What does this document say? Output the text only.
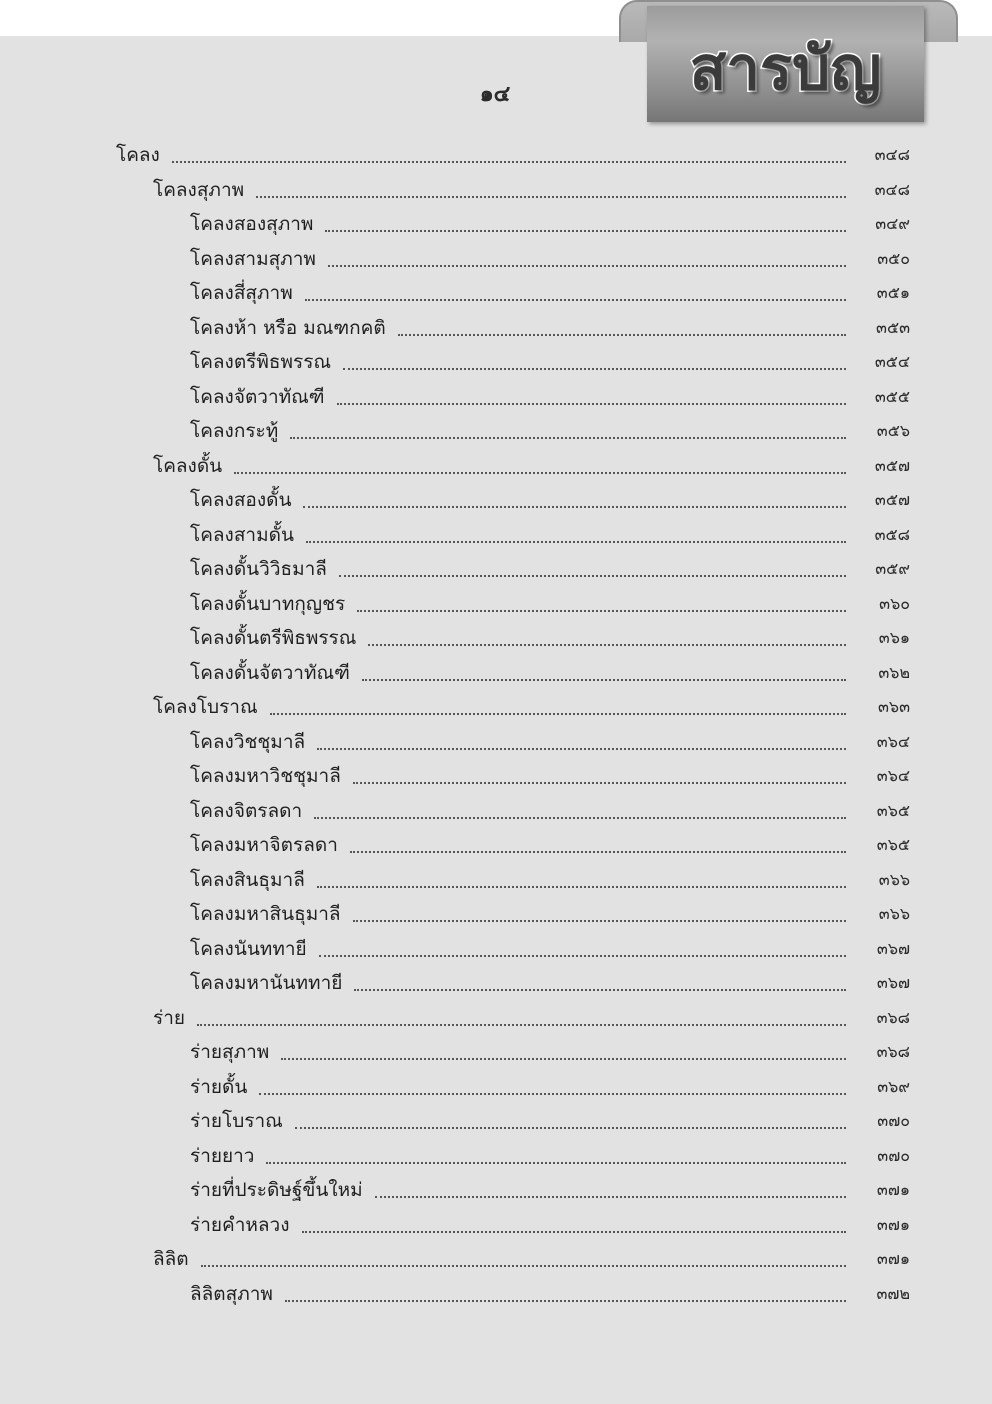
สารบัญ
๑๔
โคลง	๓๔๘
โคลงสุภาพ	๓๔๘
โคลงสองสุภาพ	๓๔๙
โคลงสามสุภาพ	๓๕๐
โคลงสี่สุภาพ	๓๕๑
โคลงห้า หรือ มณฑกคติ	๓๕๓
โคลงตรีพิธพรรณ	๓๕๔
โคลงจัตวาทัณฑี	๓๕๕
โคลงกระทู้	๓๕๖
โคลงดั้น	๓๕๗
โคลงสองดั้น	๓๕๗
โคลงสามดั้น	๓๕๘
โคลงดั้นวิวิธมาลี	๓๕๙
โคลงดั้นบาทกุญชร	๓๖๐
โคลงดั้นตรีพิธพรรณ	๓๖๑
โคลงดั้นจัตวาทัณฑี	๓๖๒
โคลงโบราณ	๓๖๓
โคลงวิชชุมาลี	๓๖๔
โคลงมหาวิชชุมาลี	๓๖๔
โคลงจิตรลดา	๓๖๕
โคลงมหาจิตรลดา	๓๖๕
โคลงสินธุมาลี	๓๖๖
โคลงมหาสินธุมาลี	๓๖๖
โคลงนันททายี	๓๖๗
โคลงมหานันททายี	๓๖๗
ร่าย	๓๖๘
ร่ายสุภาพ	๓๖๘
ร่ายดั้น	๓๖๙
ร่ายโบราณ	๓๗๐
ร่ายยาว	๓๗๐
ร่ายที่ประดิษฐ์ขึ้นใหม่	๓๗๑
ร่ายคำหลวง	๓๗๑
ลิลิต	๓๗๑
ลิลิตสุภาพ	๓๗๒
